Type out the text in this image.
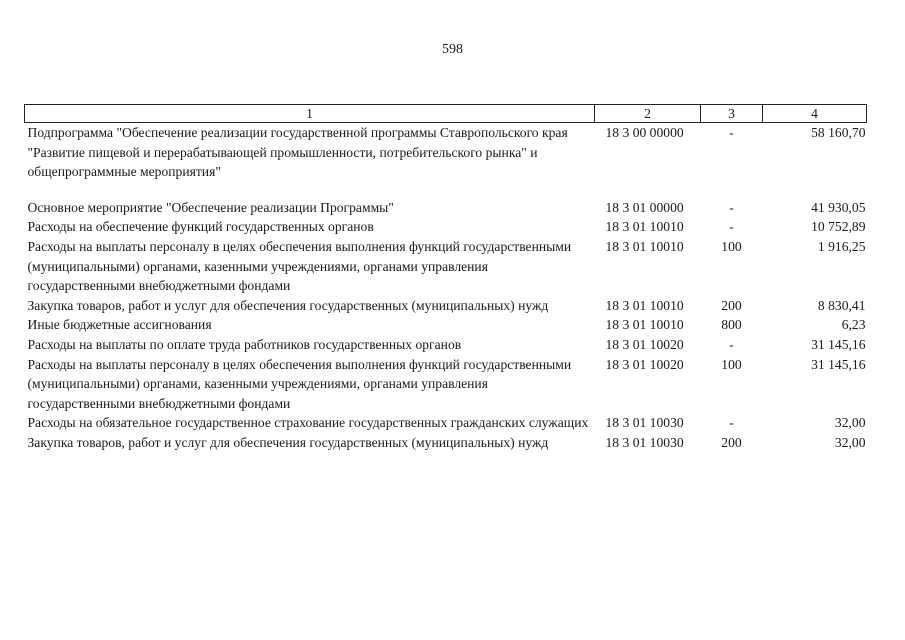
598
1	2	3	4
Подпрограмма "Обеспечение реализации государственной программы Ставропольского края "Развитие пищевой и перерабатывающей промышленности, потребительского рынка" и общепрограммные мероприятия"	18 3 00 00000	-	58 160,70

Основное мероприятие "Обеспечение реализации Программы"	18 3 01 00000	-	41 930,05
Расходы на обеспечение функций государственных органов	18 3 01 10010	-	10 752,89
Расходы на выплаты персоналу в целях обеспечения выполнения функций государственными (муниципальными) органами, казенными учреждениями, органами управления государственными внебюджетными фондами	18 3 01 10010	100	1 916,25
Закупка товаров, работ и услуг для обеспечения государственных (муниципальных) нужд	18 3 01 10010	200	8 830,41
Иные бюджетные ассигнования	18 3 01 10010	800	6,23
Расходы на выплаты по оплате труда работников государственных органов	18 3 01 10020	-	31 145,16
Расходы на выплаты персоналу в целях обеспечения выполнения функций государственными (муниципальными) органами, казенными учреждениями, органами управления государственными внебюджетными фондами	18 3 01 10020	100	31 145,16
Расходы на обязательное государственное страхование государственных гражданских служащих	18 3 01 10030	-	32,00
Закупка товаров, работ и услуг для обеспечения государственных (муниципальных) нужд	18 3 01 10030	200	32,00
